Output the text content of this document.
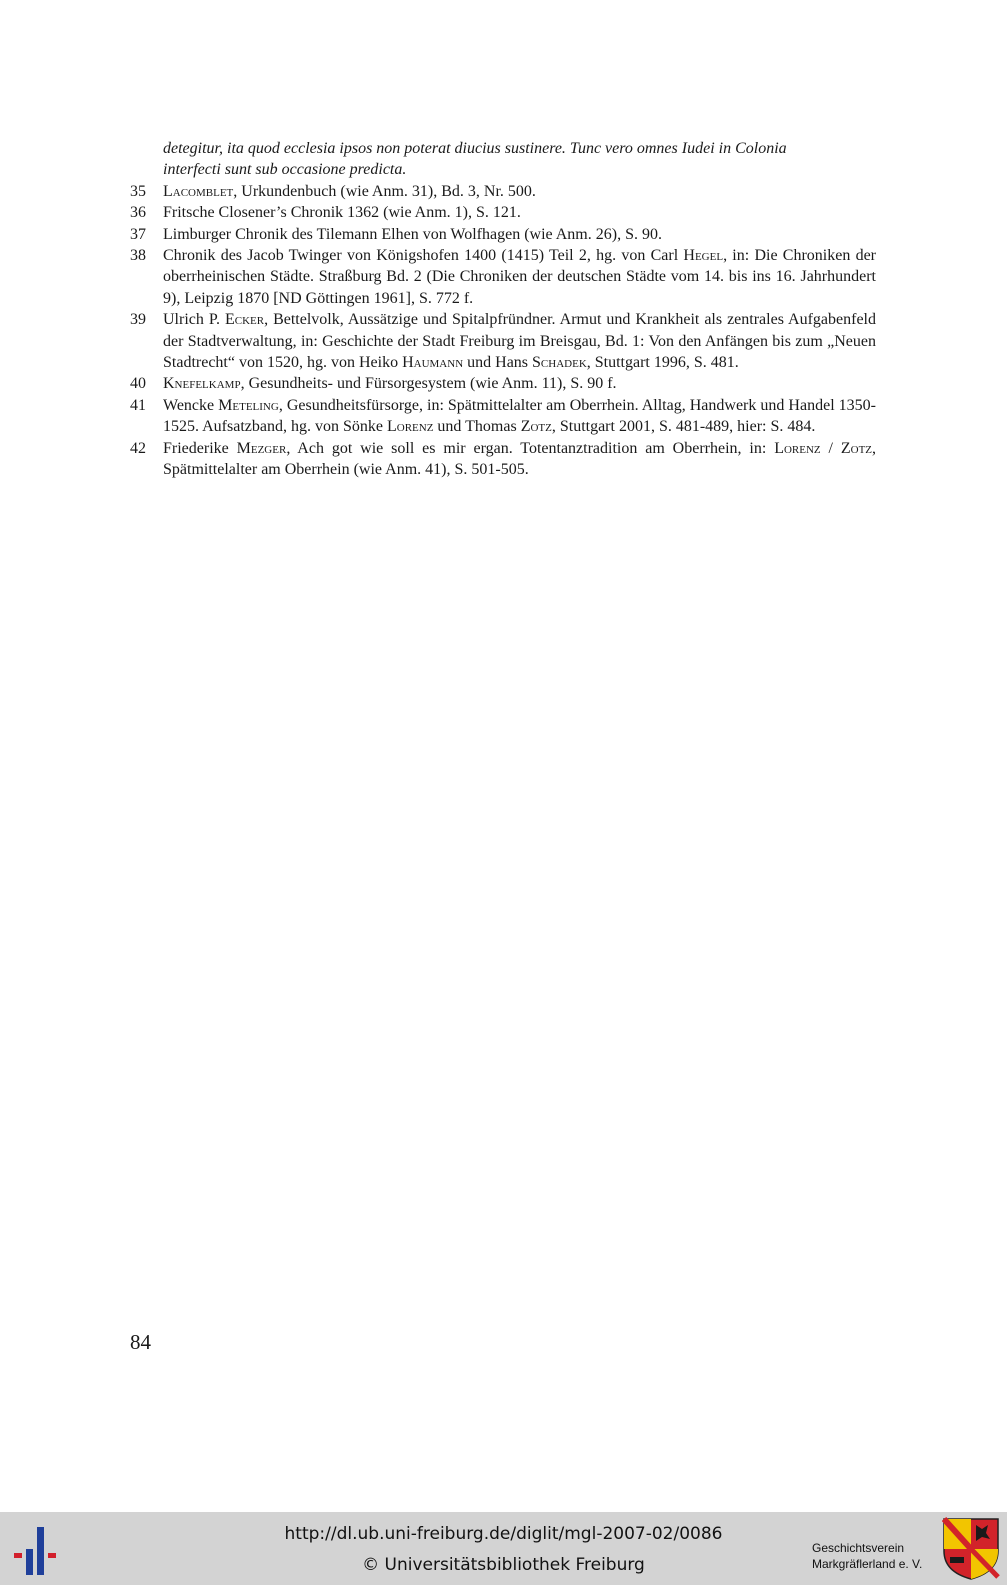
detegitur, ita quod ecclesia ipsos non poterat diucius sustinere. Tunc vero omnes Iudei in Colonia
interfecti sunt sub occasione predicta.
35	Lacomblet, Urkundenbuch (wie Anm. 31), Bd. 3, Nr. 500.
36	Fritsche Closener’s Chronik 1362 (wie Anm. 1), S. 121.
37	Limburger Chronik des Tilemann Elhen von Wolfhagen (wie Anm. 26), S. 90.
38	Chronik des Jacob Twinger von Königshofen 1400 (1415) Teil 2, hg. von Carl Hegel, in: Die Chroniken der oberrheinischen Städte. Straßburg Bd. 2 (Die Chroniken der deutschen Städte vom 14. bis ins 16. Jahrhundert 9), Leipzig 1870 [ND Göttingen 1961], S. 772 f.
39	Ulrich P. Ecker, Bettelvolk, Aussätzige und Spitalpfründner. Armut und Krankheit als zentrales Aufgabenfeld der Stadtverwaltung, in: Geschichte der Stadt Freiburg im Breisgau, Bd. 1: Von den Anfängen bis zum „Neuen Stadtrecht“ von 1520, hg. von Heiko Haumann und Hans Schadek, Stuttgart 1996, S. 481.
40	Knefelkamp, Gesundheits- und Fürsorgesystem (wie Anm. 11), S. 90 f.
41	Wencke Meteling, Gesundheitsfürsorge, in: Spätmittelalter am Oberrhein. Alltag, Handwerk und Handel 1350-1525. Aufsatzband, hg. von Sönke Lorenz und Thomas Zotz, Stuttgart 2001, S. 481-489, hier: S. 484.
42	Friederike Mezger, Ach got wie soll es mir ergan. Totentanztradition am Oberrhein, in: Lorenz / Zotz, Spätmittelalter am Oberrhein (wie Anm. 41), S. 501-505.
84
http://dl.ub.uni-freiburg.de/diglit/mgl-2007-02/0086
© Universitätsbibliothek Freiburg
Geschichtsverein
Markgräflerland e. V.
